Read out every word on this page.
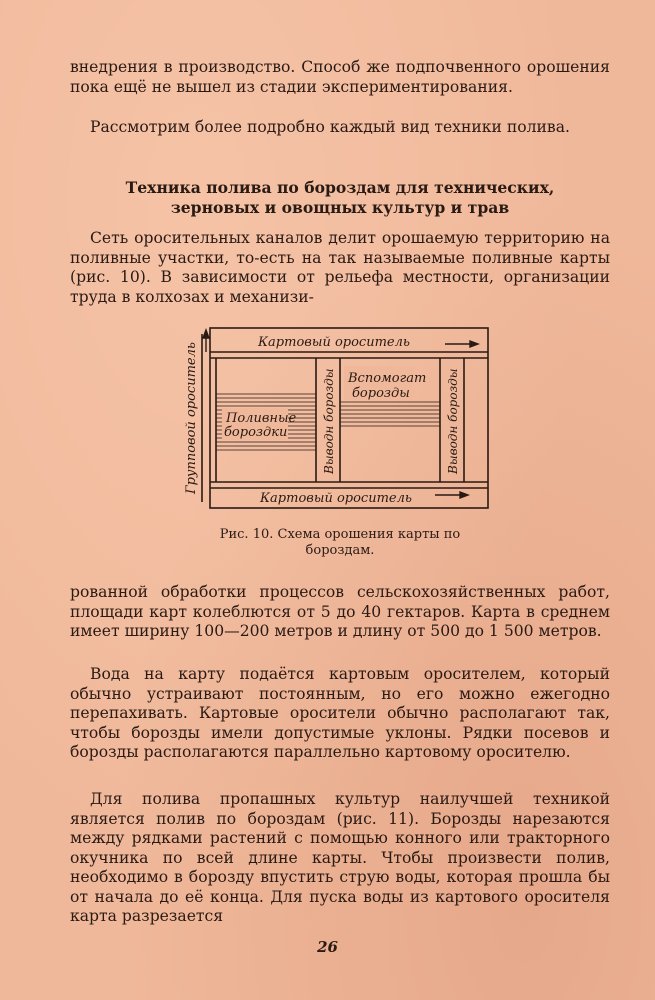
внедрения в производство. Способ же подпочвенного орошения пока ещё не вышел из стадии экспериментирования.

Рассмотрим более подробно каждый вид техники полива.

Техника полива по бороздам для технических,

зерновых и овощных культур и трав

Сеть оросительных каналов делит орошаемую территорию на поливные участки, то-есть на так называемые поливные карты (рис. 10). В зависимости от рельефа местности, организации труда в колхозах и механизи-

Картовый ороситель
Картовый ороситель
Групповой ороситель	Вспомогат
борозды
Поливные
бороздки	Выводн борозды	Выводн борозды

Рис. 10. Схема орошения карты по

бороздам.

рованной обработки процессов сельскохозяйственных работ, площади карт колеблются от 5 до 40 гектаров. Карта в среднем имеет ширину 100—200 метров и длину от 500 до 1 500 метров.

Вода на карту подаётся картовым оросителем, который обычно устраивают постоянным, но его можно ежегодно перепахивать. Картовые оросители обычно располагают так, чтобы борозды имели допустимые уклоны. Рядки посевов и борозды располагаются параллельно картовому оросителю.

Для полива пропашных культур наилучшей техникой является полив по бороздам (рис. 11). Борозды нарезаются между рядками растений с помощью конного или тракторного окучника по всей длине карты. Чтобы произвести полив, необходимо в борозду впустить струю воды, которая прошла бы от начала до её конца. Для пуска воды из картового оросителя карта разрезается

26
